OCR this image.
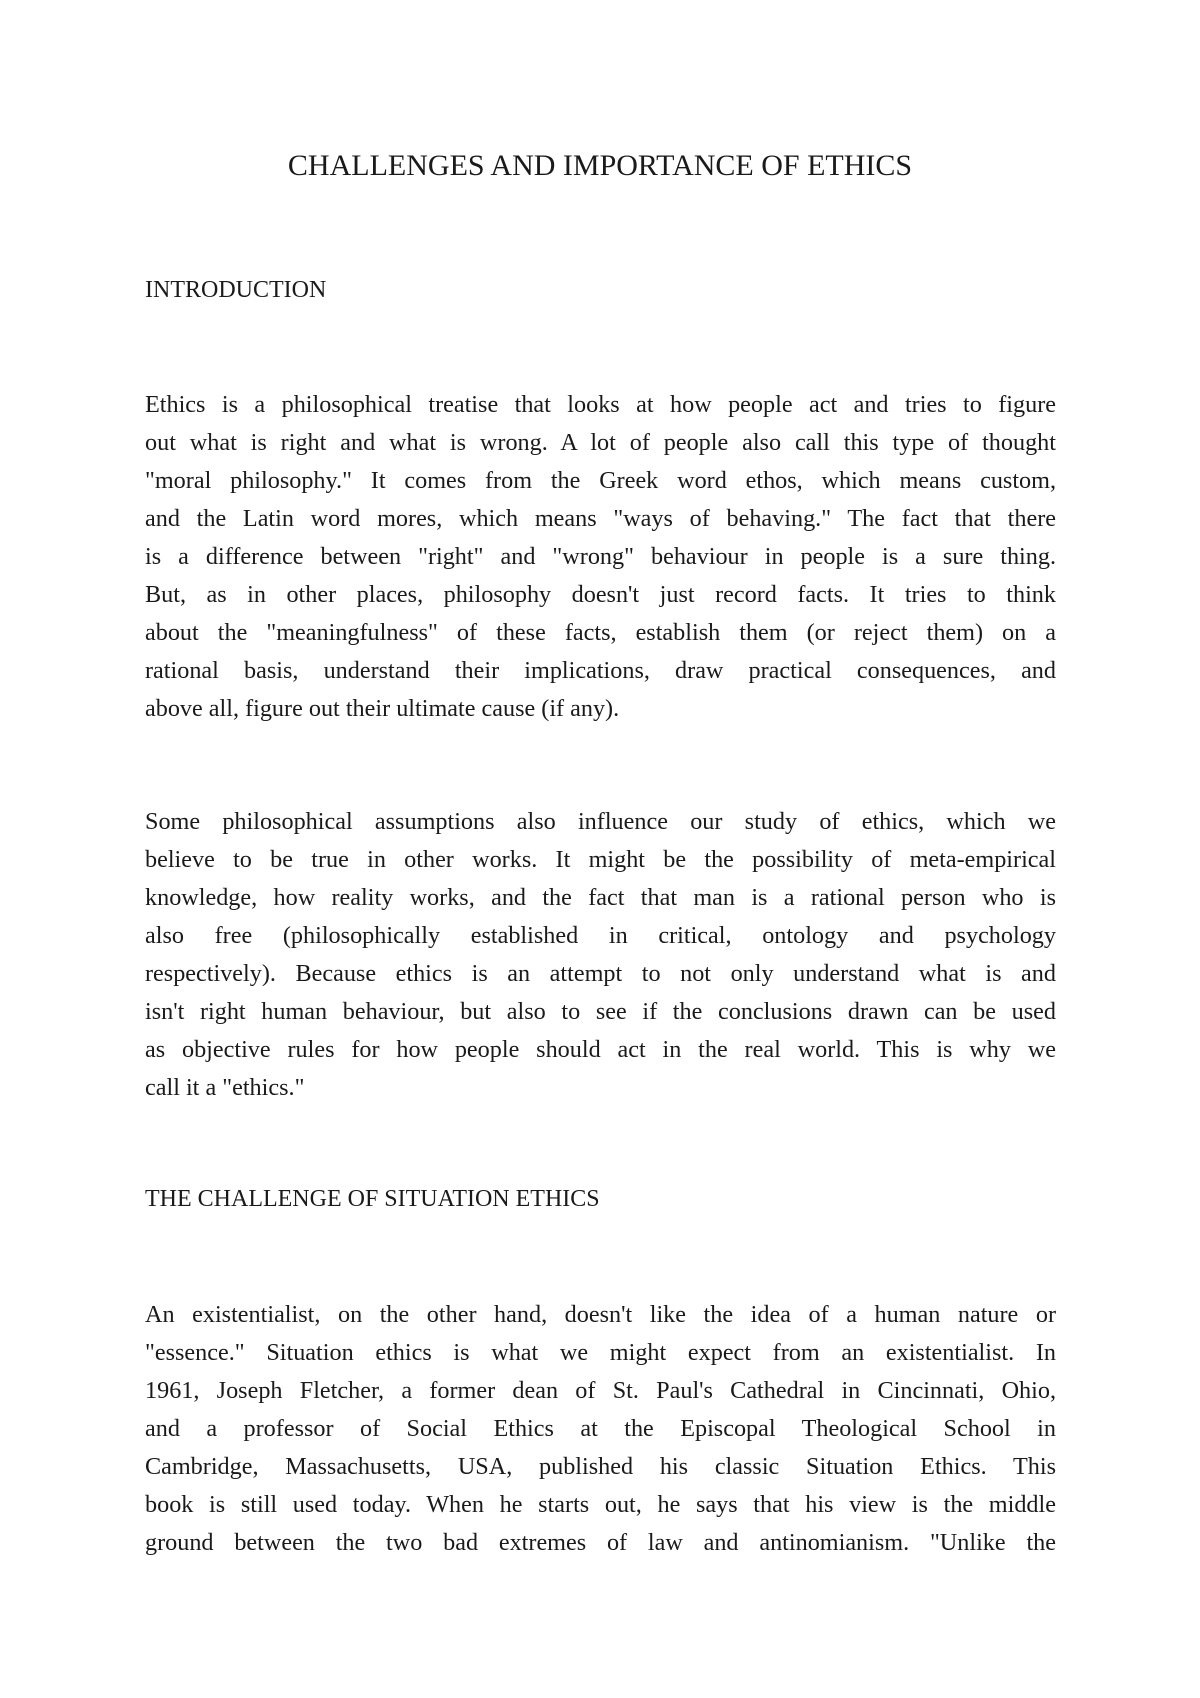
CHALLENGES AND IMPORTANCE OF ETHICS
INTRODUCTION

Ethics is a philosophical treatise that looks at how people act and tries to figure
out what is right and what is wrong. A lot of people also call this type of thought
"moral philosophy." It comes from the Greek word ethos, which means custom,
and the Latin word mores, which means "ways of behaving." The fact that there
is a difference between "right" and "wrong" behaviour in people is a sure thing.
But, as in other places, philosophy doesn't just record facts. It tries to think
about the "meaningfulness" of these facts, establish them (or reject them) on a
rational basis, understand their implications, draw practical consequences, and
above all, figure out their ultimate cause (if any).

Some philosophical assumptions also influence our study of ethics, which we
believe to be true in other works. It might be the possibility of meta-empirical
knowledge, how reality works, and the fact that man is a rational person who is
also free (philosophically established in critical, ontology and psychology
respectively). Because ethics is an attempt to not only understand what is and
isn't right human behaviour, but also to see if the conclusions drawn can be used
as objective rules for how people should act in the real world. This is why we
call it a "ethics."

THE CHALLENGE OF SITUATION ETHICS

An existentialist, on the other hand, doesn't like the idea of a human nature or
"essence." Situation ethics is what we might expect from an existentialist. In
1961, Joseph Fletcher, a former dean of St. Paul's Cathedral in Cincinnati, Ohio,
and a professor of Social Ethics at the Episcopal Theological School in
Cambridge, Massachusetts, USA, published his classic Situation Ethics. This
book is still used today. When he starts out, he says that his view is the middle
ground between the two bad extremes of law and antinomianism. "Unlike the
